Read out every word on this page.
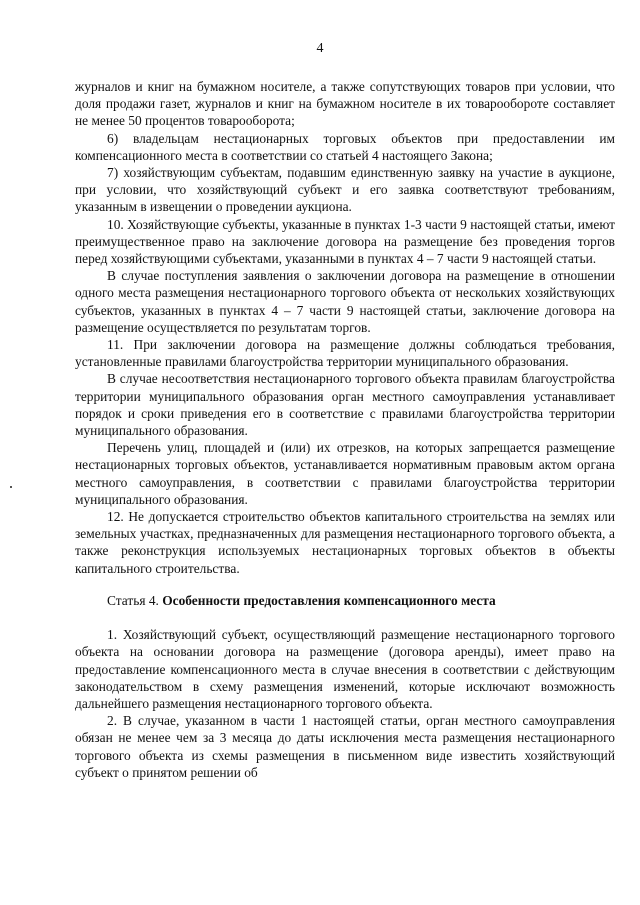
4

журналов и книг на бумажном носителе, а также сопутствующих товаров при условии, что доля продажи газет, журналов и книг на бумажном носителе в их товарообороте составляет не менее 50 процентов товарооборота;

6) владельцам нестационарных торговых объектов при предоставлении им компенсационного места в соответствии со статьей 4 настоящего Закона;

7) хозяйствующим субъектам, подавшим единственную заявку на участие в аукционе, при условии, что хозяйствующий субъект и его заявка соответствуют требованиям, указанным в извещении о проведении аукциона.

10. Хозяйствующие субъекты, указанные в пунктах 1-3 части 9 настоящей статьи, имеют преимущественное право на заключение договора на размещение без проведения торгов перед хозяйствующими субъектами, указанными в пунктах 4 – 7 части 9 настоящей статьи.

В случае поступления заявления о заключении договора на размещение в отношении одного места размещения нестационарного торгового объекта от нескольких хозяйствующих субъектов, указанных в пунктах 4 – 7 части 9 настоящей статьи, заключение договора на размещение осуществляется по результатам торгов.

11. При заключении договора на размещение должны соблюдаться требования, установленные правилами благоустройства территории муниципального образования.

В случае несоответствия нестационарного торгового объекта правилам благоустройства территории муниципального образования орган местного самоуправления устанавливает порядок и сроки приведения его в соответствие с правилами благоустройства территории муниципального образования.

Перечень улиц, площадей и (или) их отрезков, на которых запрещается размещение нестационарных торговых объектов, устанавливается нормативным правовым актом органа местного самоуправления, в соответствии с правилами благоустройства территории муниципального образования.

12. Не допускается строительство объектов капитального строительства на землях или земельных участках, предназначенных для размещения нестационарного торгового объекта, а также реконструкция используемых нестационарных торговых объектов в объекты капитального строительства.

Статья 4. Особенности предоставления компенсационного места

1. Хозяйствующий субъект, осуществляющий размещение нестационарного торгового объекта на основании договора на размещение (договора аренды), имеет право на предоставление компенсационного места в случае внесения в соответствии с действующим законодательством в схему размещения изменений, которые исключают возможность дальнейшего размещения нестационарного торгового объекта.

2. В случае, указанном в части 1 настоящей статьи, орган местного самоуправления обязан не менее чем за 3 месяца до даты исключения места размещения нестационарного торгового объекта из схемы размещения в письменном виде известить хозяйствующий субъект о принятом решении об
